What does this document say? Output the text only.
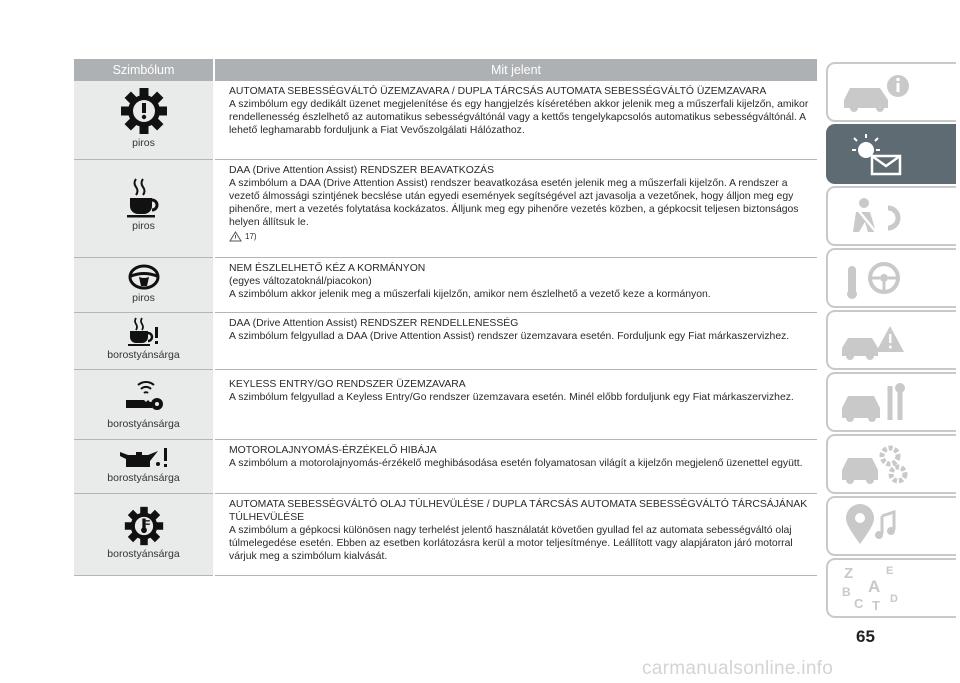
Szimbólum	Mit jelent

piros	AUTOMATA SEBESSÉGVÁLTÓ ÜZEMZAVARA / DUPLA TÁRCSÁS AUTOMATA SEBESSÉGVÁLTÓ ÜZEMZAVARA

A szimbólum egy dedikált üzenet megjelenítése és egy hangjelzés kíséretében akkor jelenik meg a műszerfali kijelzőn, amikor rendellenesség észlelhető az automatikus sebességváltónál vagy a kettős tengelykapcsolós automatikus sebességváltónál. A lehető leghamarabb forduljunk a Fiat Vevőszolgálati Hálózathoz.

piros	DAA (Drive Attention Assist) RENDSZER BEAVATKOZÁS

A szimbólum a DAA (Drive Attention Assist) rendszer beavatkozása esetén jelenik meg a műszerfali kijelzőn. A rendszer a vezető álmossági szintjének becslése után egyedi események segítségével azt javasolja a vezetőnek, hogy álljon meg egy pihenőre, mert a vezetés folytatása kockázatos. Álljunk meg egy pihenőre vezetés közben, a gépkocsit teljesen biztonságos helyen állítsuk le.

17)

piros	NEM ÉSZLELHETŐ KÉZ A KORMÁNYON

(egyes változatoknál/piacokon)

A szimbólum akkor jelenik meg a műszerfali kijelzőn, amikor nem észlelhető a vezető keze a kormányon.

borostyánsárga	DAA (Drive Attention Assist) RENDSZER RENDELLENESSÉG

A szimbólum felgyullad a DAA (Drive Attention Assist) rendszer üzemzavara esetén. Forduljunk egy Fiat márkaszervizhez.

borostyánsárga	KEYLESS ENTRY/GO RENDSZER ÜZEMZAVARA

A szimbólum felgyullad a Keyless Entry/Go rendszer üzemzavara esetén. Minél előbb forduljunk egy Fiat márkaszervizhez.

borostyánsárga	MOTOROLAJNYOMÁS-ÉRZÉKELŐ HIBÁJA

A szimbólum a motorolajnyomás-érzékelő meghibásodása esetén folyamatosan világít a kijelzőn megjelenő üzenettel együtt.

borostyánsárga	AUTOMATA SEBESSÉGVÁLTÓ OLAJ TÚLHEVÜLÉSE / DUPLA TÁRCSÁS AUTOMATA SEBESSÉGVÁLTÓ TÁRCSÁJÁNAK TÚLHEVÜLÉSE

A szimbólum a gépkocsi különösen nagy terhelést jelentő használatát követően gyullad fel az automata sebességváltó olaj túlmelegedése esetén. Ebben az esetben korlátozásra kerül a motor teljesítménye. Leállított vagy alapjáraton járó motorral várjuk meg a szimbólum kialvását.

Z	E
A
B
C T D
65
carmanualsonline.info
